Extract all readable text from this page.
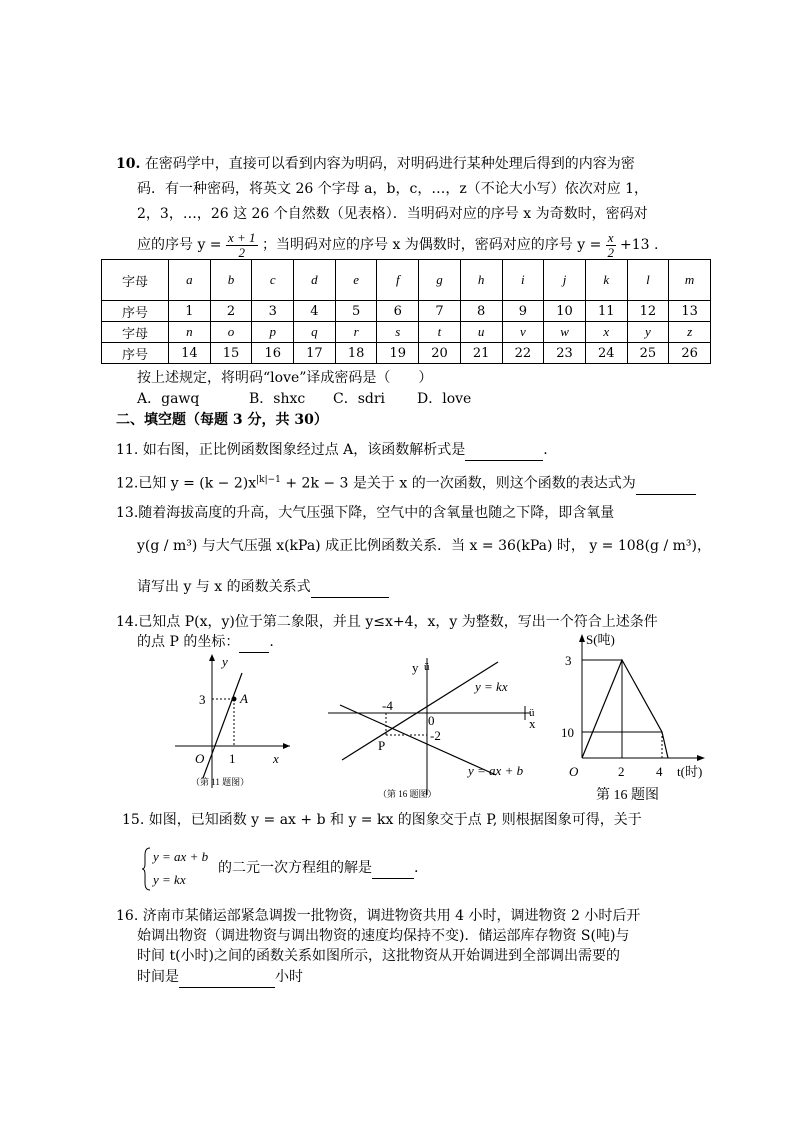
10. 在密码学中，直接可以看到内容为明码，对明码进行某种处理后得到的内容为密
码．有一种密码，将英文 26 个字母 a，b，c，…，z（不论大小写）依次对应 1，
2，3，…，26 这 26 个自然数（见表格）．当明码对应的序号 x 为奇数时，密码对
应的序号 $y = \frac{x + 1}{2}$ ；当明码对应的序号 x 为偶数时，密码对应的序号 $y = \frac{x}{2} +13$ .
字母	a	b	c	d	e	f	g	h	i	j	k	l	m
序号	1	2	3	4	5	6	7	8	9	10	11	12	13
字母	n	o	p	q	r	s	t	u	v	w	x	y	z
序号	14	15	16	17	18	19	20	21	22	23	24	25	26
按上述规定，将明码“love”译成密码是（　　）
A．gawq	B．shxc C．sdri D．love
二、填空题（每题 3 分，共 30）
11. 如右图，正比例函数图象经过点 A，该函数解析式是	.
12.已知 $y = (k - 2)x^{|k|-1} + 2k - 3$ 是关于 x 的一次函数，则这个函数的表达式为
13.随着海拔高度的升高，大气压强下降，空气中的含氧量也随之下降，即含氧量
y(g / m³) 与大气压强 x(kPa) 成正比例函数关系．当 x = 36(kPa) 时， y = 108(g / m³)，
请写出 y 与 x 的函数关系式
14.已知点 P(x，y)位于第二象限，并且 y≤x+4，x，y 为整数，写出一个符合上述条件
的点 P 的坐标： .
y
x
O
3
1
A
（第 11 题图）
y ü
ü
x
0
-4
-2
P
y = kx
y = ax + b
（第 16 题图）
S(吨)
3
10
O	2 4 t(时)
第 16 题图
15. 如图，已知函数 y = ax + b 和 y = kx 的图象交于点 P, 则根据图象可得，关于
y = ax + b
y = kx
的二元一次方程组的解是	.
16. 济南市某储运部紧急调拨一批物资，调进物资共用 4 小时，调进物资 2 小时后开
始调出物资（调进物资与调出物资的速度均保持不变)．储运部库存物资 S(吨)与
时间 t(小时)之间的函数关系如图所示，这批物资从开始调进到全部调出需要的
时间是	小时
